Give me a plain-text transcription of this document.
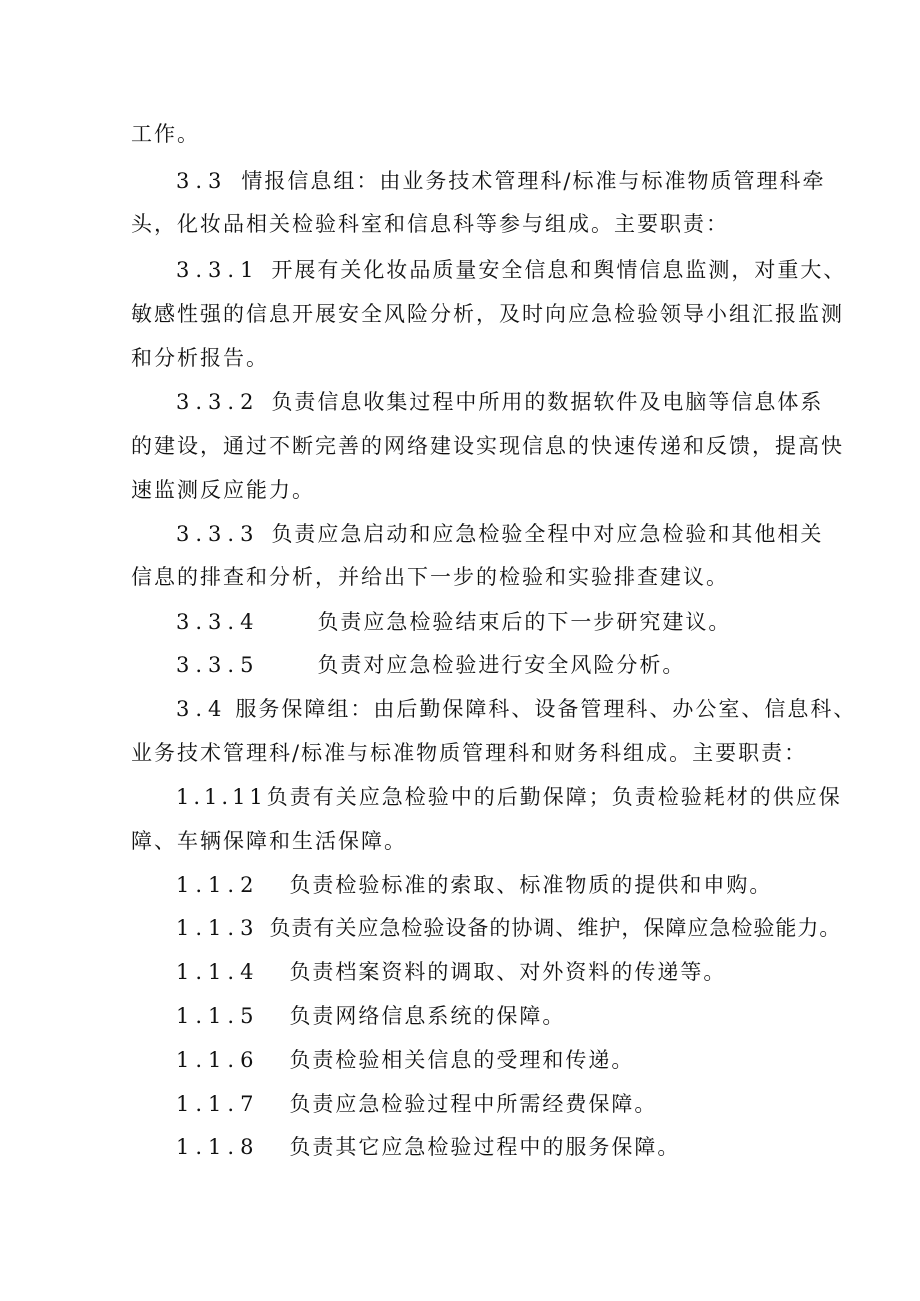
工作。
3.3 情报信息组：由业务技术管理科/标准与标准物质管理科牵
头，化妆品相关检验科室和信息科等参与组成。主要职责：
3.3.1 开展有关化妆品质量安全信息和舆情信息监测，对重大、
敏感性强的信息开展安全风险分析，及时向应急检验领导小组汇报监测
和分析报告。
3.3.2 负责信息收集过程中所用的数据软件及电脑等信息体系
的建设，通过不断完善的网络建设实现信息的快速传递和反馈，提高快
速监测反应能力。
3.3.3 负责应急启动和应急检验全程中对应急检验和其他相关
信息的排查和分析，并给出下一步的检验和实验排查建议。
3.3.4	负责应急检验结束后的下一步研究建议。
3.3.5	负责对应急检验进行安全风险分析。
3.4 服务保障组：由后勤保障科、设备管理科、办公室、信息科、
业务技术管理科/标准与标准物质管理科和财务科组成。主要职责：
1.1.11负责有关应急检验中的后勤保障；负责检验耗材的供应保
障、车辆保障和生活保障。
1.1.2 负责检验标准的索取、标准物质的提供和申购。
1.1.3 负责有关应急检验设备的协调、维护，保障应急检验能力。
1.1.4 负责档案资料的调取、对外资料的传递等。
1.1.5 负责网络信息系统的保障。
1.1.6 负责检验相关信息的受理和传递。
1.1.7 负责应急检验过程中所需经费保障。
1.1.8 负责其它应急检验过程中的服务保障。
